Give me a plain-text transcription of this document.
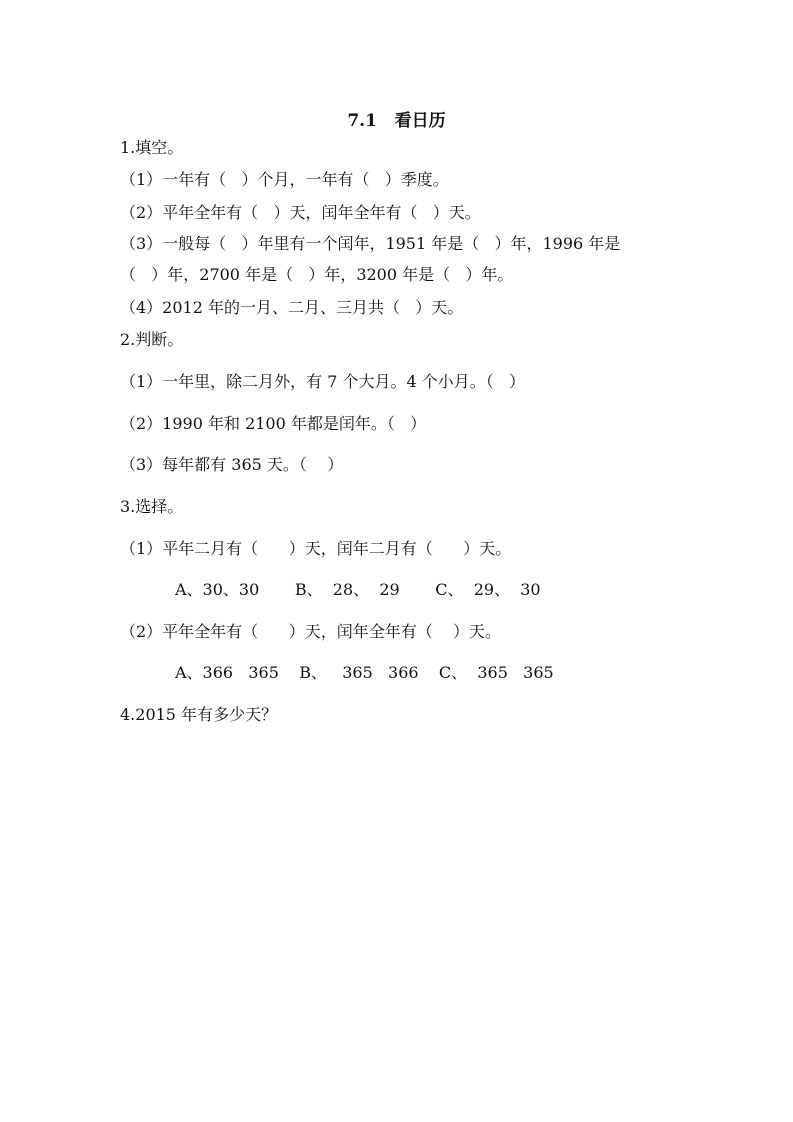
7.1   看日历
1.填空。
（1）一年有（   ）个月，一年有（   ）季度。
（2）平年全年有（   ）天，闰年全年有（   ）天。
（3）一般每（   ）年里有一个闰年，1951 年是（   ）年，1996 年是
（   ）年，2700 年是（   ）年，3200 年是（   ）年。
（4）2012 年的一月、二月、三月共（   ）天。
2.判断。
（1）一年里，除二月外，有 7 个大月。4 个小月。（   ）
（2）1990 年和 2100 年都是闰年。（   ）
（3）每年都有 365 天。（    ）
3.选择。
（1）平年二月有（      ）天，闰年二月有（      ）天。
A、30、30       B、  28、  29       C、  29、  30
（2）平年全年有（      ）天，闰年全年有（    ）天。
A、366   365    B、   365   366    C、  365   365
4.2015 年有多少天？
